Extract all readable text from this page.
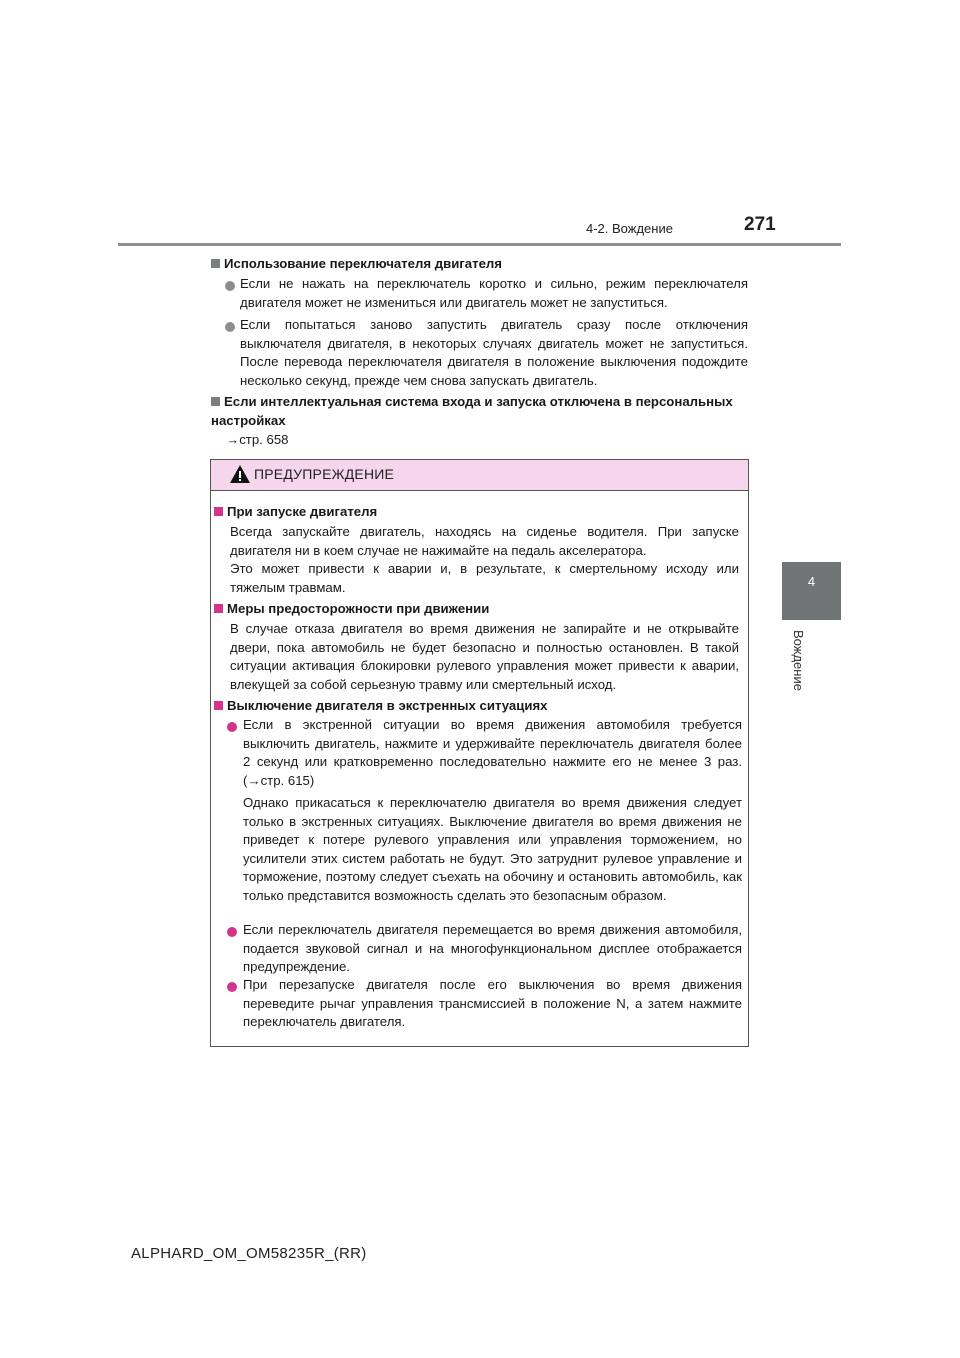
4-2. Вождение	271
4
Вождение
Использование переключателя двигателя
Если не нажать на переключатель коротко и сильно, режим переключателя двигателя может не измениться или двигатель может не запуститься.
Если попытаться заново запустить двигатель сразу после отключения выключателя двигателя, в некоторых случаях двигатель может не запуститься. После перевода переключателя двигателя в положение выключения подождите несколько секунд, прежде чем снова запускать двигатель.
Если интеллектуальная система входа и запуска отключена в персональных настройках
→стр. 658
ПРЕДУПРЕЖДЕНИЕ
При запуске двигателя
Всегда запускайте двигатель, находясь на сиденье водителя. При запуске двигателя ни в коем случае не нажимайте на педаль акселератора.
Это может привести к аварии и, в результате, к смертельному исходу или тяжелым травмам.
Меры предосторожности при движении
В случае отказа двигателя во время движения не запирайте и не открывайте двери, пока автомобиль не будет безопасно и полностью остановлен. В такой ситуации активация блокировки рулевого управления может привести к аварии, влекущей за собой серьезную травму или смертельный исход.
Выключение двигателя в экстренных ситуациях
Если в экстренной ситуации во время движения автомобиля требуется выключить двигатель, нажмите и удерживайте переключатель двигателя более 2 секунд или кратковременно последовательно нажмите его не менее 3 раз. (→стр. 615)
Однако прикасаться к переключателю двигателя во время движения следует только в экстренных ситуациях. Выключение двигателя во время движения не приведет к потере рулевого управления или управления торможением, но усилители этих систем работать не будут. Это затруднит рулевое управление и торможение, поэтому следует съехать на обочину и остановить автомобиль, как только представится возможность сделать это безопасным образом.
Если переключатель двигателя перемещается во время движения автомобиля, подается звуковой сигнал и на многофункциональном дисплее отображается предупреждение.
При перезапуске двигателя после его выключения во время движения переведите рычаг управления трансмиссией в положение N, а затем нажмите переключатель двигателя.
ALPHARD_OM_OM58235R_(RR)
